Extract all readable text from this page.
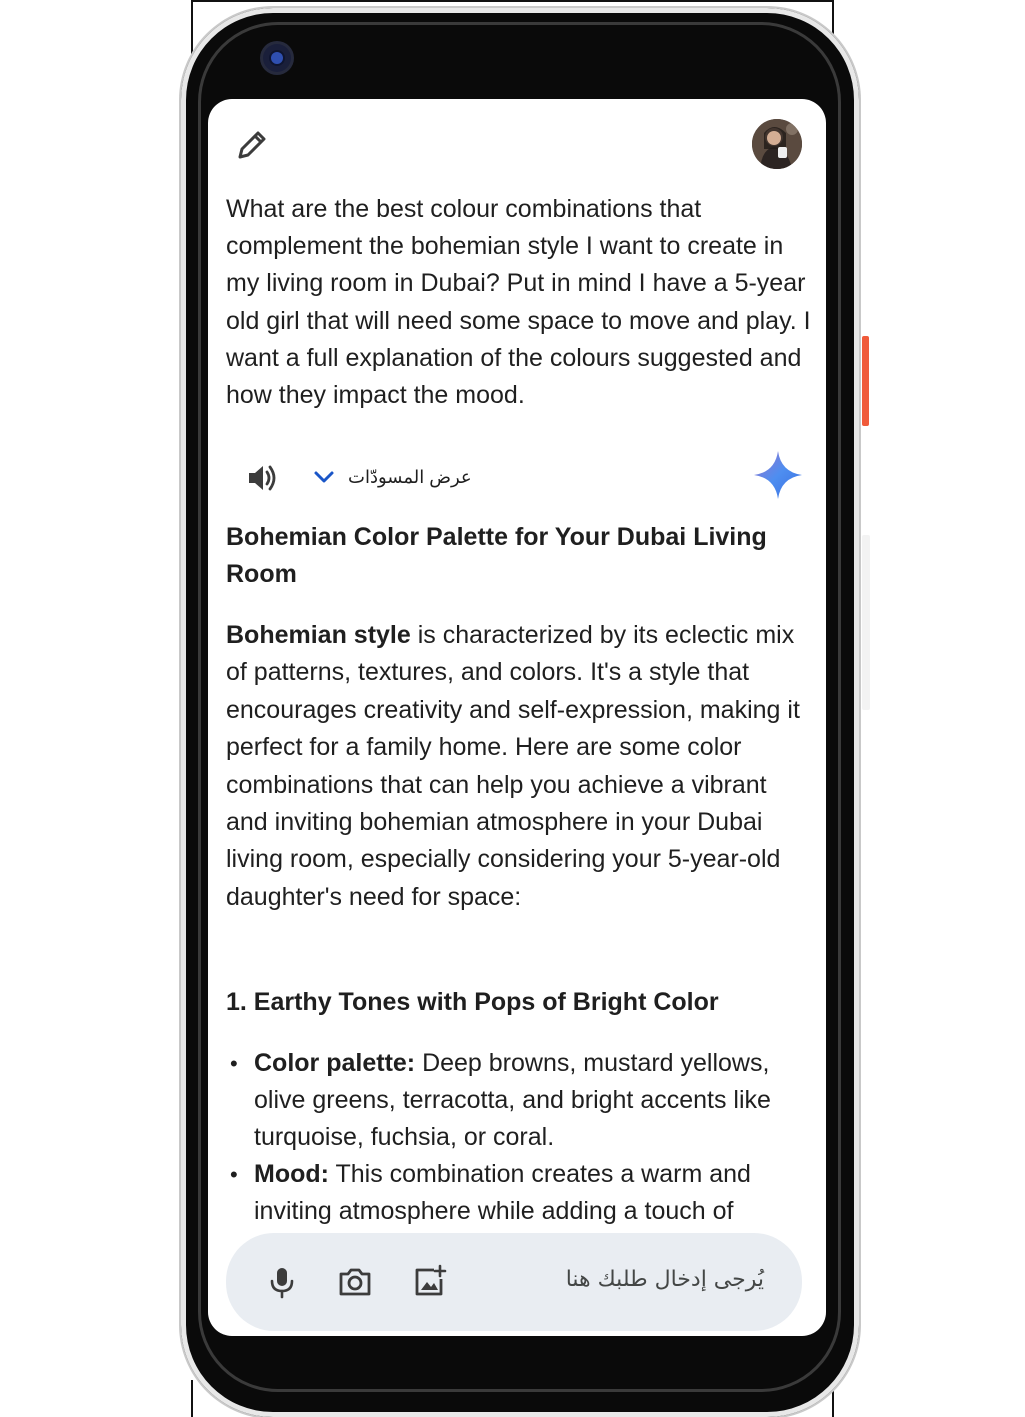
What are the best colour combinations that complement the bohemian style I want to create in my living room in Dubai? Put in mind I have a 5-year old girl that will need some space to move and play. I want a full explanation of the colours suggested and how they impact the mood.
عرض المسودّات

Bohemian Color Palette for Your Dubai Living Room

Bohemian style is characterized by its eclectic mix of patterns, textures, and colors. It's a style that encourages creativity and self-expression, making it perfect for a family home. Here are some color combinations that can help you achieve a vibrant and inviting bohemian atmosphere in your Dubai living room, especially considering your 5-year-old daughter's need for space:

1. Earthy Tones with Pops of Bright Color

• Color palette: Deep browns, mustard yellows, olive greens, terracotta, and bright accents like turquoise, fuchsia, or coral.
• Mood: This combination creates a warm and inviting atmosphere while adding a touch of
يُرجى إدخال طلبك هنا
